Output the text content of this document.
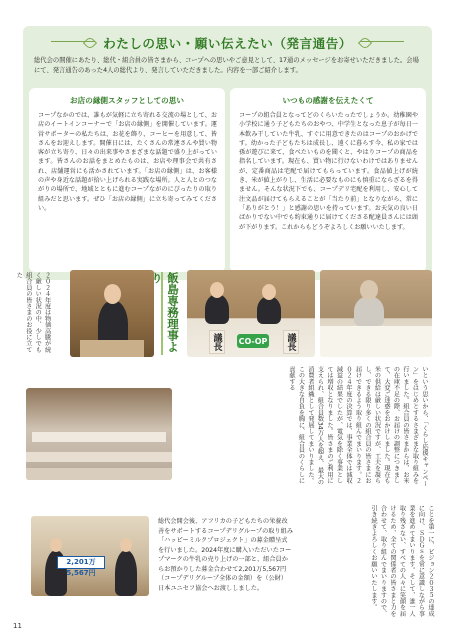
わたしの思い・願い伝えたい（発言通告）

総代会の開催にあたり、総代・組合員の皆さまから、コープへの思いやご意見として、17通のメッセージをお寄せいただきました。会場にて、発言通告のあった4人の総代より、発言していただきました。内容を一部ご紹介します。

お店の縁側スタッフとしての思い

コープなかのでは、誰もが気軽に立ち寄れる交流の場として、お店のイートインコーナーで「お店の縁側」を開催しています。運営サポーターの私たちは、お花を飾り、コーヒーを用意して、皆さんをお迎えします。開催日には、たくさんの常連さんや買い物客が立ち寄り、日々の出来事やさまざまな話題で盛り上がっています。皆さんのお話をまとめたものは、お店や理事会で共有され、店舗運営にも活かされています。「お店の縁側」は、お客様の声や身近な話題が拾い上げられる実践な場所。人と人とのつながりの場所で、地域とともに進むコープながのにぴったりの取り組みだと思います。ぜひ「お店の縁側」に立ち寄ってみてください。

いつもの感謝を伝えたくて

コープの組合員となってどのくらいたったでしょうか。幼稚園や小学校に通う子どもたちのおやつ、中学生となった息子が毎日一本飲み干していた牛乳、すぐに用意できたのはコープのおかげです。幼かった子どもたちは成長し、遠くに暮らす今、私の家では孫が遊びに来て、食べたいものを聞くと、やはりコープの商品を指名しています。現在も、買い物に行けないわけではありませんが、定番商品は宅配で届けてもらっています。食品値上げが続き、米が値上がりし、生活に必要なものにも慎重にならざるを得ません。そんな状況下でも、コープデリ宅配を利用し、安心して注文品が届けてもらえることが「当たり前」となりながら、常に「ありがとう！」と感謝の思いを持っています。お天気の良い日ばかりでない中でも約束通りに届けてくださる配達員さんには頭が下がります。これからもどうぞよろしくお願いいたします。

２０２４年度は物価高騰が続く厳しい状況の中、少しでも組合員の皆さまのお役に立てた	飯島専務理事より
議長	CO-OP 議長

いという思いから、「くらし応援キャンペーン」をはじめとするさまざまな取り組みを行いました。組合員の皆さまからは、お米の在庫不足の際、お届けの調整につきまして、大変ご迷惑をおかけしました。現在も米の供給は厳しい状況ですが、工夫を凝らし、できる限り多くの組合員の皆さまにお届けできるよう取り組んでまいります。２０２４年度の決算では、事業全体では減収減益の結果でしたが、電気を除く事業としては増収となりました。皆さまのご利用に支えられ、組合員数34万人を超え、最大の消費者組織として発展してまいりました。この大きな自負を胸に、組合員のくらしに貢献する

2,201万5,567円

総代会開会後、アフリカの子どもたちの栄養改善をサポートするコープデリグループの取り組み「ハッピーミルクプロジェクト」の募金贈呈式を行いました。2024年度に購入いただいたコープマークの牛乳の売り上げの一部と、組合員からお預かりした募金合わせて2,201万5,567円（コープデリグループ全体の金額）を（公財）日本ユニセフ協会へお渡ししました。	ことを第一に、ビジョン２０３５の達成に向け、ＳＤＧｓを常に意識しながら事業を進めてまいります。そして、誰一人取り残さない、すべての人々に笑顔を届けるため、全ての関係者の皆さまと力を合わせて、取り組んでまいりますので、引き続きよろしくお願いいたします。

11
